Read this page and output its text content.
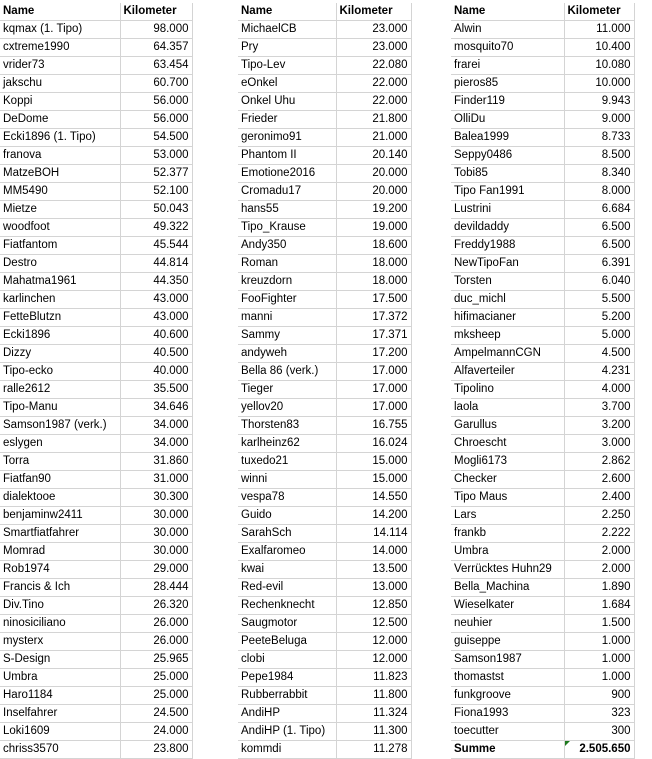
Name	Kilometer
kqmax (1. Tipo)	98.000
cxtreme1990	64.357
vrider73	63.454
jakschu	60.700
Koppi	56.000
DeDome	56.000
Ecki1896 (1. Tipo)	54.500
franova	53.000
MatzeBOH	52.377
MM5490	52.100
Mietze	50.043
woodfoot	49.322
Fiatfantom	45.544
Destro	44.814
Mahatma1961	44.350
karlinchen	43.000
FetteBlutzn	43.000
Ecki1896	40.600
Dizzy	40.500
Tipo-ecko	40.000
ralle2612	35.500
Tipo-Manu	34.646
Samson1987 (verk.)	34.000
eslygen	34.000
Torra	31.860
Fiatfan90	31.000
dialektooe	30.300
benjaminw2411	30.000
Smartfiatfahrer	30.000
Momrad	30.000
Rob1974	29.000
Francis & Ich	28.444
Div.Tino	26.320
ninosiciliano	26.000
mysterx	26.000
S-Design	25.965
Umbra	25.000
Haro1184	25.000
Inselfahrer	24.500
Loki1609	24.000
chriss3570	23.800
Name	Kilometer
MichaelCB	23.000
Pry	23.000
Tipo-Lev	22.080
eOnkel	22.000
Onkel Uhu	22.000
Frieder	21.800
geronimo91	21.000
Phantom II	20.140
Emotione2016	20.000
Cromadu17	20.000
hans55	19.200
Tipo_Krause	19.000
Andy350	18.600
Roman	18.000
kreuzdorn	18.000
FooFighter	17.500
manni	17.372
Sammy	17.371
andyweh	17.200
Bella 86 (verk.)	17.000
Tieger	17.000
yellov20	17.000
Thorsten83	16.755
karlheinz62	16.024
tuxedo21	15.000
winni	15.000
vespa78	14.550
Guido	14.200
SarahSch	14.114
Exalfaromeo	14.000
kwai	13.500
Red-evil	13.000
Rechenknecht	12.850
Saugmotor	12.500
PeeteBeluga	12.000
clobi	12.000
Pepe1984	11.823
Rubberrabbit	11.800
AndiHP	11.324
AndiHP (1. Tipo)	11.300
kommdi	11.278
Name	Kilometer
Alwin	11.000
mosquito70	10.400
frarei	10.080
pieros85	10.000
Finder119	9.943
OlliDu	9.000
Balea1999	8.733
Seppy0486	8.500
Tobi85	8.340
Tipo Fan1991	8.000
Lustrini	6.684
devildaddy	6.500
Freddy1988	6.500
NewTipoFan	6.391
Torsten	6.040
duc_michl	5.500
hifimacianer	5.200
mksheep	5.000
AmpelmannCGN	4.500
Alfaverteiler	4.231
Tipolino	4.000
laola	3.700
Garullus	3.200
Chroescht	3.000
Mogli6173	2.862
Checker	2.600
Tipo Maus	2.400
Lars	2.250
frankb	2.222
Umbra	2.000
Verrücktes Huhn29	2.000
Bella_Machina	1.890
Wieselkater	1.684
neuhier	1.500
guiseppe	1.000
Samson1987	1.000
thomastst	1.000
funkgroove	900
Fiona1993	323
toecutter	300
Summe	2.505.650
